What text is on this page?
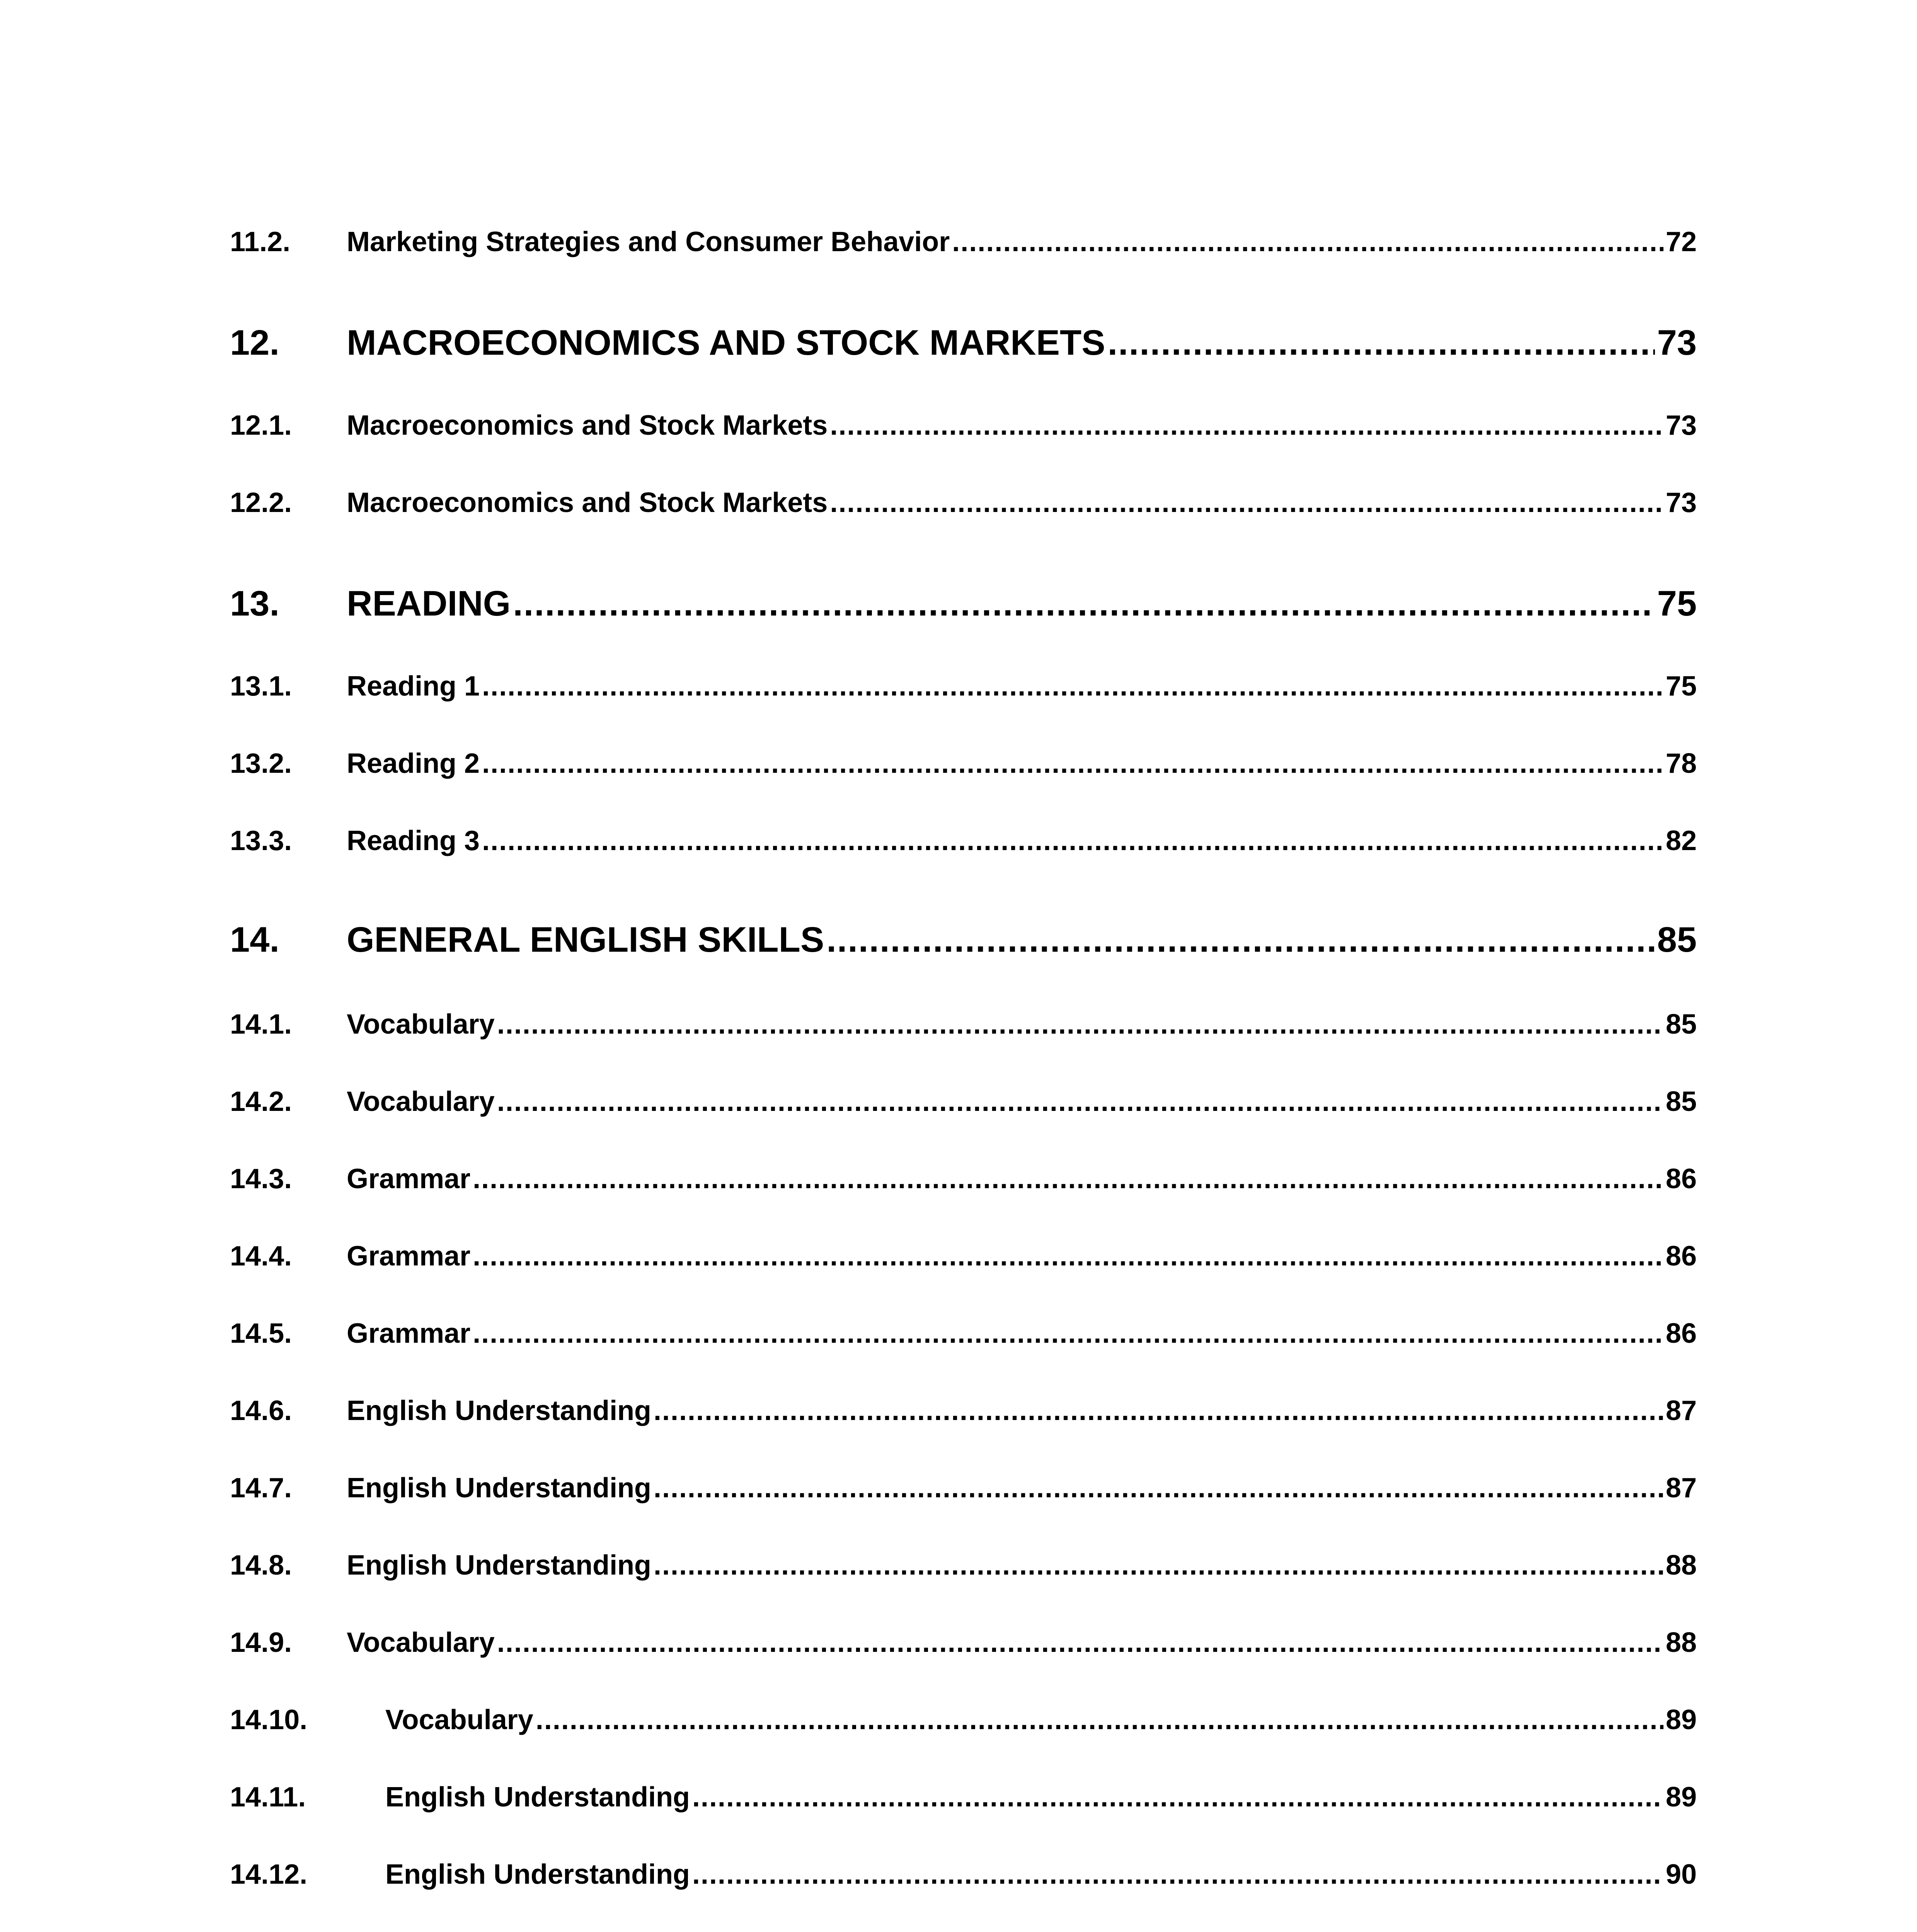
11.2.	Marketing Strategies and Consumer Behavior .....	72
12.	MACROECONOMICS AND STOCK MARKETS .....	73
12.1.	Macroeconomics and Stock Markets .....	73
12.2.	Macroeconomics and Stock Markets .....	73
13.	READING .....	75
13.1.	Reading 1 .....	75
13.2.	Reading 2 .....	78
13.3.	Reading 3 .....	82
14.	GENERAL ENGLISH SKILLS .....	85
14.1.	Vocabulary .....	85
14.2.	Vocabulary .....	85
14.3.	Grammar .....	86
14.4.	Grammar .....	86
14.5.	Grammar .....	86
14.6.	English Understanding .....	87
14.7.	English Understanding .....	87
14.8.	English Understanding .....	88
14.9.	Vocabulary .....	88
14.10.	Vocabulary .....	89
14.11.	English Understanding .....	89
14.12.	English Understanding .....	90
